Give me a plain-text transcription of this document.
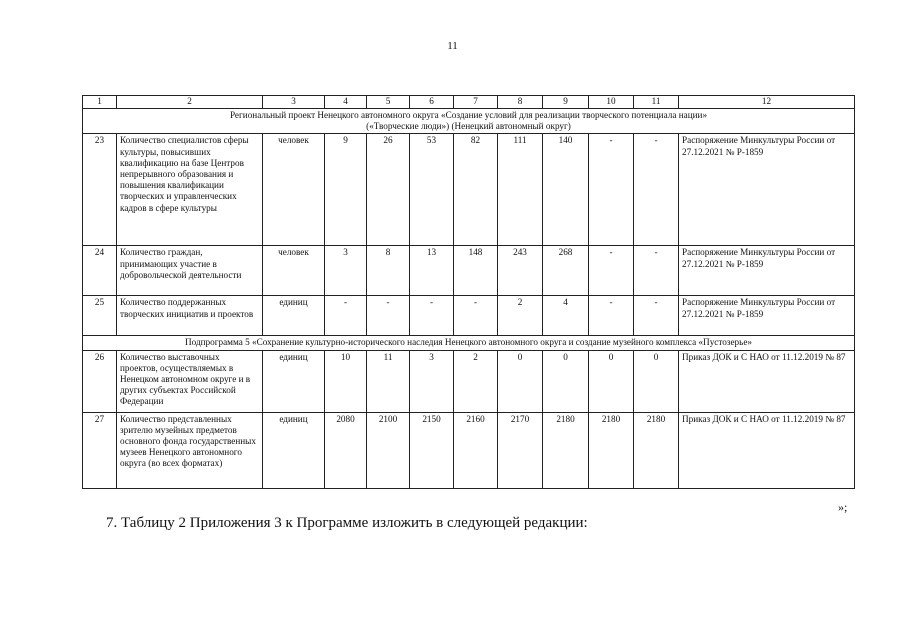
11
1	2	3	4	5	6	7	8	9	10	11	12

Региональный проект Ненецкого автономного округа «Создание условий для реализации творческого потенциала нации»
(«Творческие люди») (Ненецкий автономный округ)											

23	Количество специалистов сферы культуры, повысивших квалификацию на базе Центров непрерывного образования и повышения квалификации творческих и управленческих кадров в сфере культуры	человек	9	26	53	82	111	140	-	-	Распоряжение Минкультуры России от 27.12.2021 № Р-1859
24	Количество граждан, принимающих участие в добровольческой деятельности	человек	3	8	13	148	243	268	-	-	Распоряжение Минкультуры России от 27.12.2021 № Р-1859
25	Количество поддержанных творческих инициатив и проектов	единиц	-	-	-	-	2	4	-	-	Распоряжение Минкультуры России от 27.12.2021 № Р-1859
Подпрограмма 5 «Сохранение культурно-исторического наследия Ненецкого автономного округа и создание музейного комплекса «Пустозерье»											
26	Количество выставочных проектов, осуществляемых в Ненецком автономном округе и в других субъектах Российской Федерации	единиц	10	11	3	2	0	0	0	0	Приказ ДОК и С НАО от 11.12.2019 № 87
27	Количество представленных зрителю музейных предметов основного фонда государственных музеев Ненецкого автономного округа (во всех форматах)	единиц	2080	2100	2150	2160	2170	2180	2180	2180	Приказ ДОК и С НАО от 11.12.2019 № 87
»;
7. Таблицу 2 Приложения 3 к Программе изложить в следующей редакции:
